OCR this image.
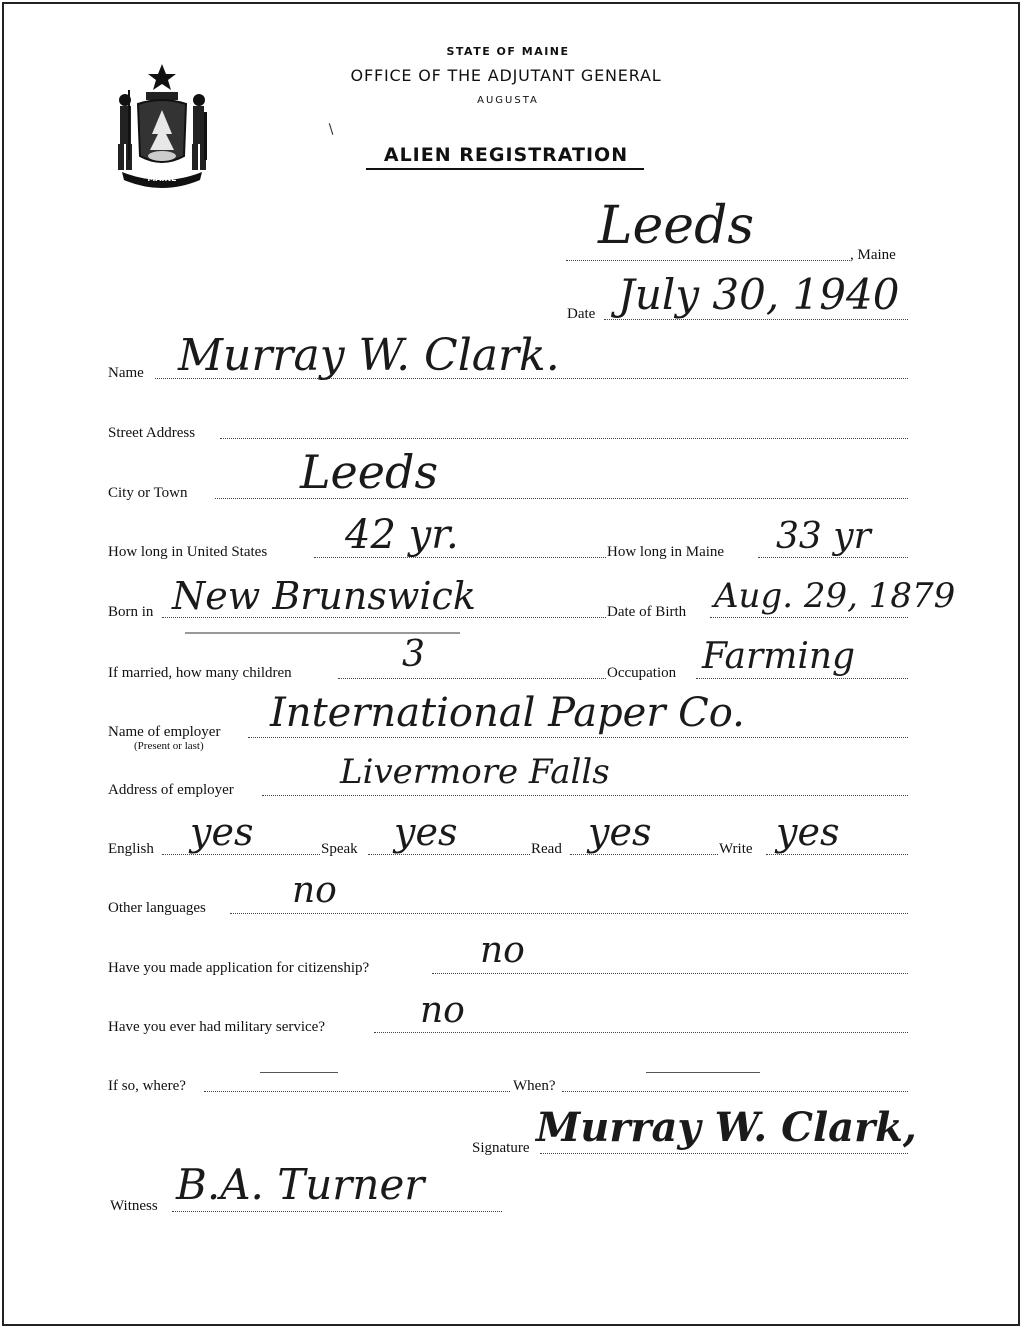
MAINE
STATE OF MAINE
OFFICE OF THE ADJUTANT GENERAL
AUGUSTA
ALIEN REGISTRATION
∖
Leeds	, Maine
Date July 30, 1940
Name Murray W. Clark.
Street Address
City or Town Leeds
How long in United States 42 yr.	How long in Maine 33 yr
Born in New Brunswick	Date of Birth Aug. 29, 1879
If married, how many children	3	Occupation Farming
Name of employer
(Present or last)
International Paper Co.
Address of employer	Livermore Falls
English yes	Speak yes	Read yes	Write yes
Other languages no
Have you made application for citizenship?	no
Have you ever had military service?	no
If so, where?	When?
Signature Murray W. Clark,
Witness B.A. Turner
